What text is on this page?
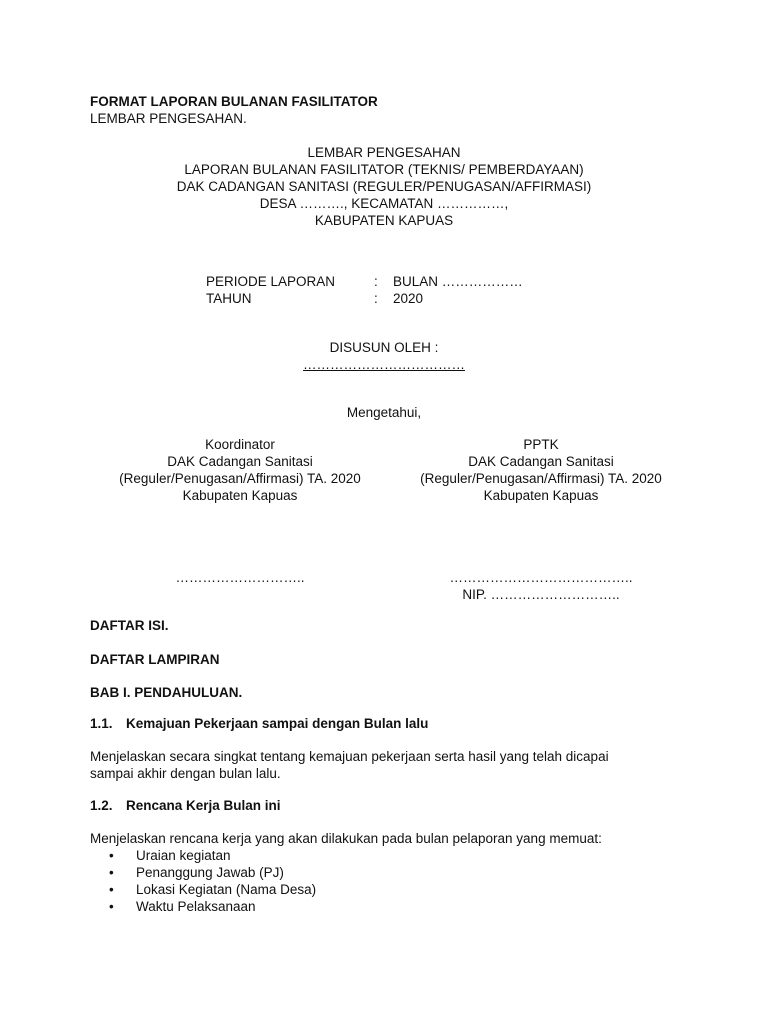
FORMAT LAPORAN BULANAN FASILITATOR
LEMBAR PENGESAHAN.
LEMBAR PENGESAHAN
LAPORAN BULANAN FASILITATOR (TEKNIS/ PEMBERDAYAAN)
DAK CADANGAN SANITASI (REGULER/PENUGASAN/AFFIRMASI)
DESA ………., KECAMATAN ……………,
KABUPATEN KAPUAS
PERIODE LAPORAN	: BULAN ………………
TAHUN	: 2020
DISUSUN OLEH :
………………………………
Mengetahui,
Koordinator
DAK Cadangan Sanitasi
(Reguler/Penugasan/Affirmasi) TA. 2020
Kabupaten Kapuas
PPTK
DAK Cadangan Sanitasi
(Reguler/Penugasan/Affirmasi) TA. 2020
Kabupaten Kapuas
………………………..	…………………………………..
NIP. ………………………..
DAFTAR ISI.
DAFTAR LAMPIRAN
BAB I. PENDAHULUAN.
1.1. Kemajuan Pekerjaan sampai dengan Bulan lalu
Menjelaskan secara singkat tentang kemajuan pekerjaan serta hasil yang telah dicapai
sampai akhir dengan bulan lalu.
1.2. Rencana Kerja Bulan ini
Menjelaskan rencana kerja yang akan dilakukan pada bulan pelaporan yang memuat:
• Uraian kegiatan
• Penanggung Jawab (PJ)
• Lokasi Kegiatan (Nama Desa)
• Waktu Pelaksanaan
